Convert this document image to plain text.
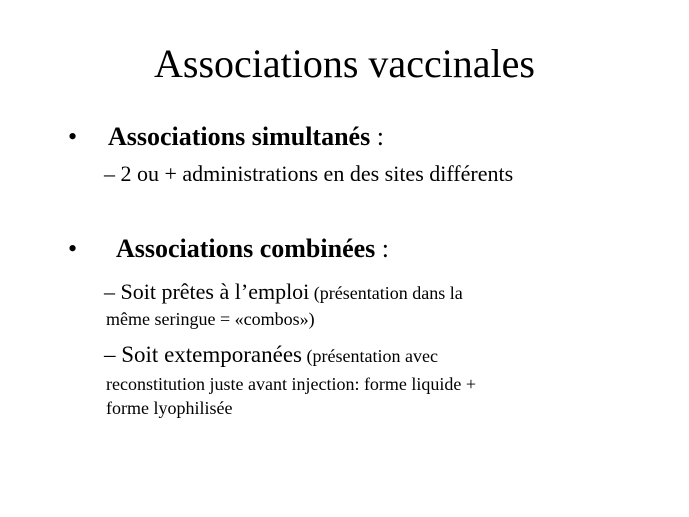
Associations vaccinales
• Associations simultanés :
– 2 ou + administrations en des sites différents
• Associations combinées :
– Soit prêtes à l’emploi (présentation dans la
même seringue = «combos»)
– Soit extemporanées (présentation avec
reconstitution juste avant injection: forme liquide +
forme lyophilisée
